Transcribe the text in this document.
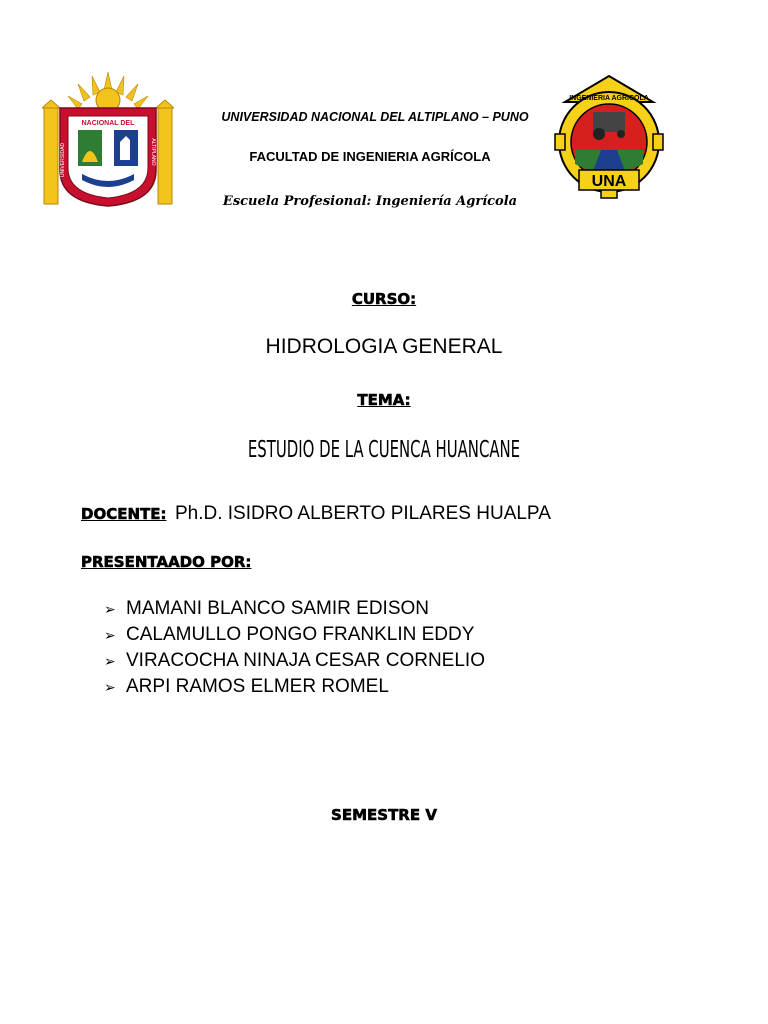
NACIONAL DEL
PUNO
UNIVERSIDAD	ALTIPLANO
UNA
INGENIERIA AGRICOLA
UNIVERSIDAD NACIONAL DEL ALTIPLANO – PUNO
FACULTAD DE INGENIERIA AGRÍCOLA
Escuela Profesional: Ingeniería Agrícola
CURSO:
HIDROLOGIA GENERAL
TEMA:
ESTUDIO DE LA CUENCA HUANCANE
DOCENTE: Ph.D. ISIDRO ALBERTO PILARES HUALPA
PRESENTAADO POR:
➢ MAMANI BLANCO SAMIR EDISON
➢ CALAMULLO PONGO FRANKLIN EDDY
➢ VIRACOCHA NINAJA CESAR CORNELIO
➢ ARPI RAMOS ELMER ROMEL
SEMESTRE V
